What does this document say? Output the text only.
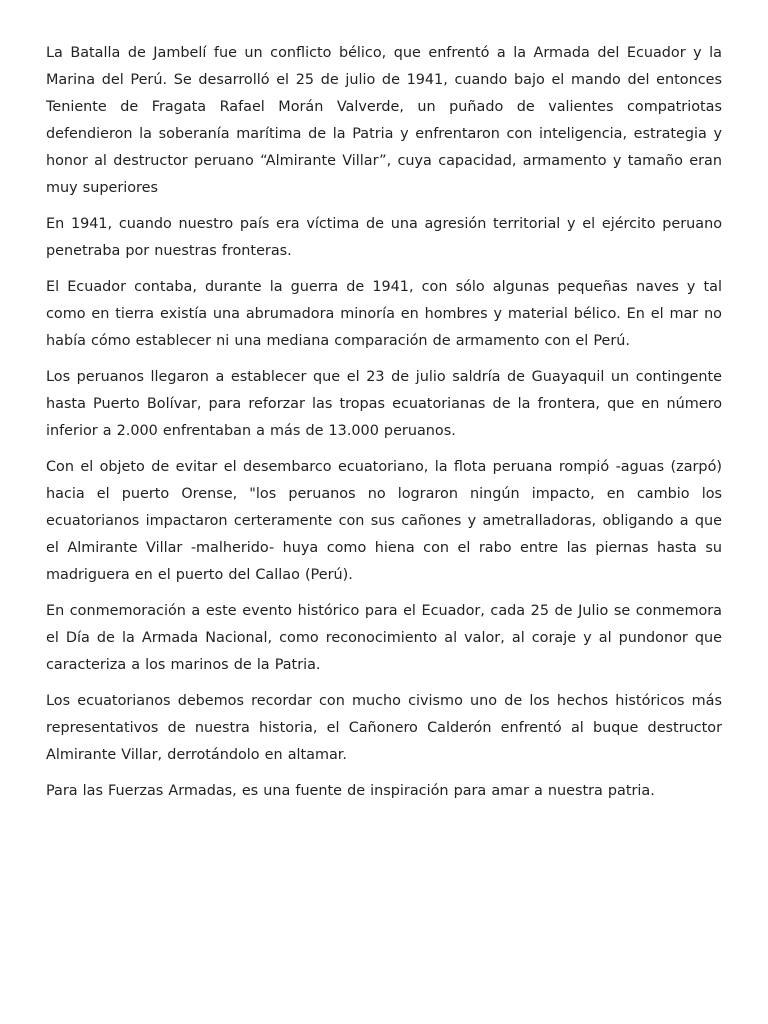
La Batalla de Jambelí fue un conflicto bélico, que enfrentó a la Armada del Ecuador y la Marina del Perú. Se desarrolló el 25 de julio de 1941, cuando bajo el mando del entonces Teniente de Fragata Rafael Morán Valverde, un puñado de valientes compatriotas defendieron la soberanía marítima de la Patria y enfrentaron con inteligencia, estrategia y honor al destructor peruano “Almirante Villar”, cuya capacidad, armamento y tamaño eran muy superiores

En 1941, cuando nuestro país era víctima de una agresión territorial y el ejército peruano penetraba por nuestras fronteras.

El Ecuador contaba, durante la guerra de 1941, con sólo algunas pequeñas naves y tal como en tierra existía una abrumadora minoría en hombres y material bélico. En el mar no había cómo establecer ni una mediana comparación de armamento con el Perú.

Los peruanos llegaron a establecer que el 23 de julio saldría de Guayaquil un contingente hasta Puerto Bolívar, para reforzar las tropas ecuatorianas de la frontera, que en número inferior a 2.000 enfrentaban a más de 13.000 peruanos.

Con el objeto de evitar el desembarco ecuatoriano, la flota peruana rompió -aguas (zarpó) hacia el puerto Orense, "los peruanos no lograron ningún impacto, en cambio los ecuatorianos impactaron certeramente con sus cañones y ametralladoras, obligando a que el Almirante Villar -malherido- huya como hiena con el rabo entre las piernas hasta su madriguera en el puerto del Callao (Perú).

En conmemoración a este evento histórico para el Ecuador, cada 25 de Julio se conmemora el Día de la Armada Nacional, como reconocimiento al valor, al coraje y al pundonor que caracteriza a los marinos de la Patria.

Los ecuatorianos debemos recordar con mucho civismo uno de los hechos históricos más representativos de nuestra historia, el Cañonero Calderón enfrentó al buque destructor Almirante Villar, derrotándolo en altamar.

Para las Fuerzas Armadas, es una fuente de inspiración para amar a nuestra patria.
